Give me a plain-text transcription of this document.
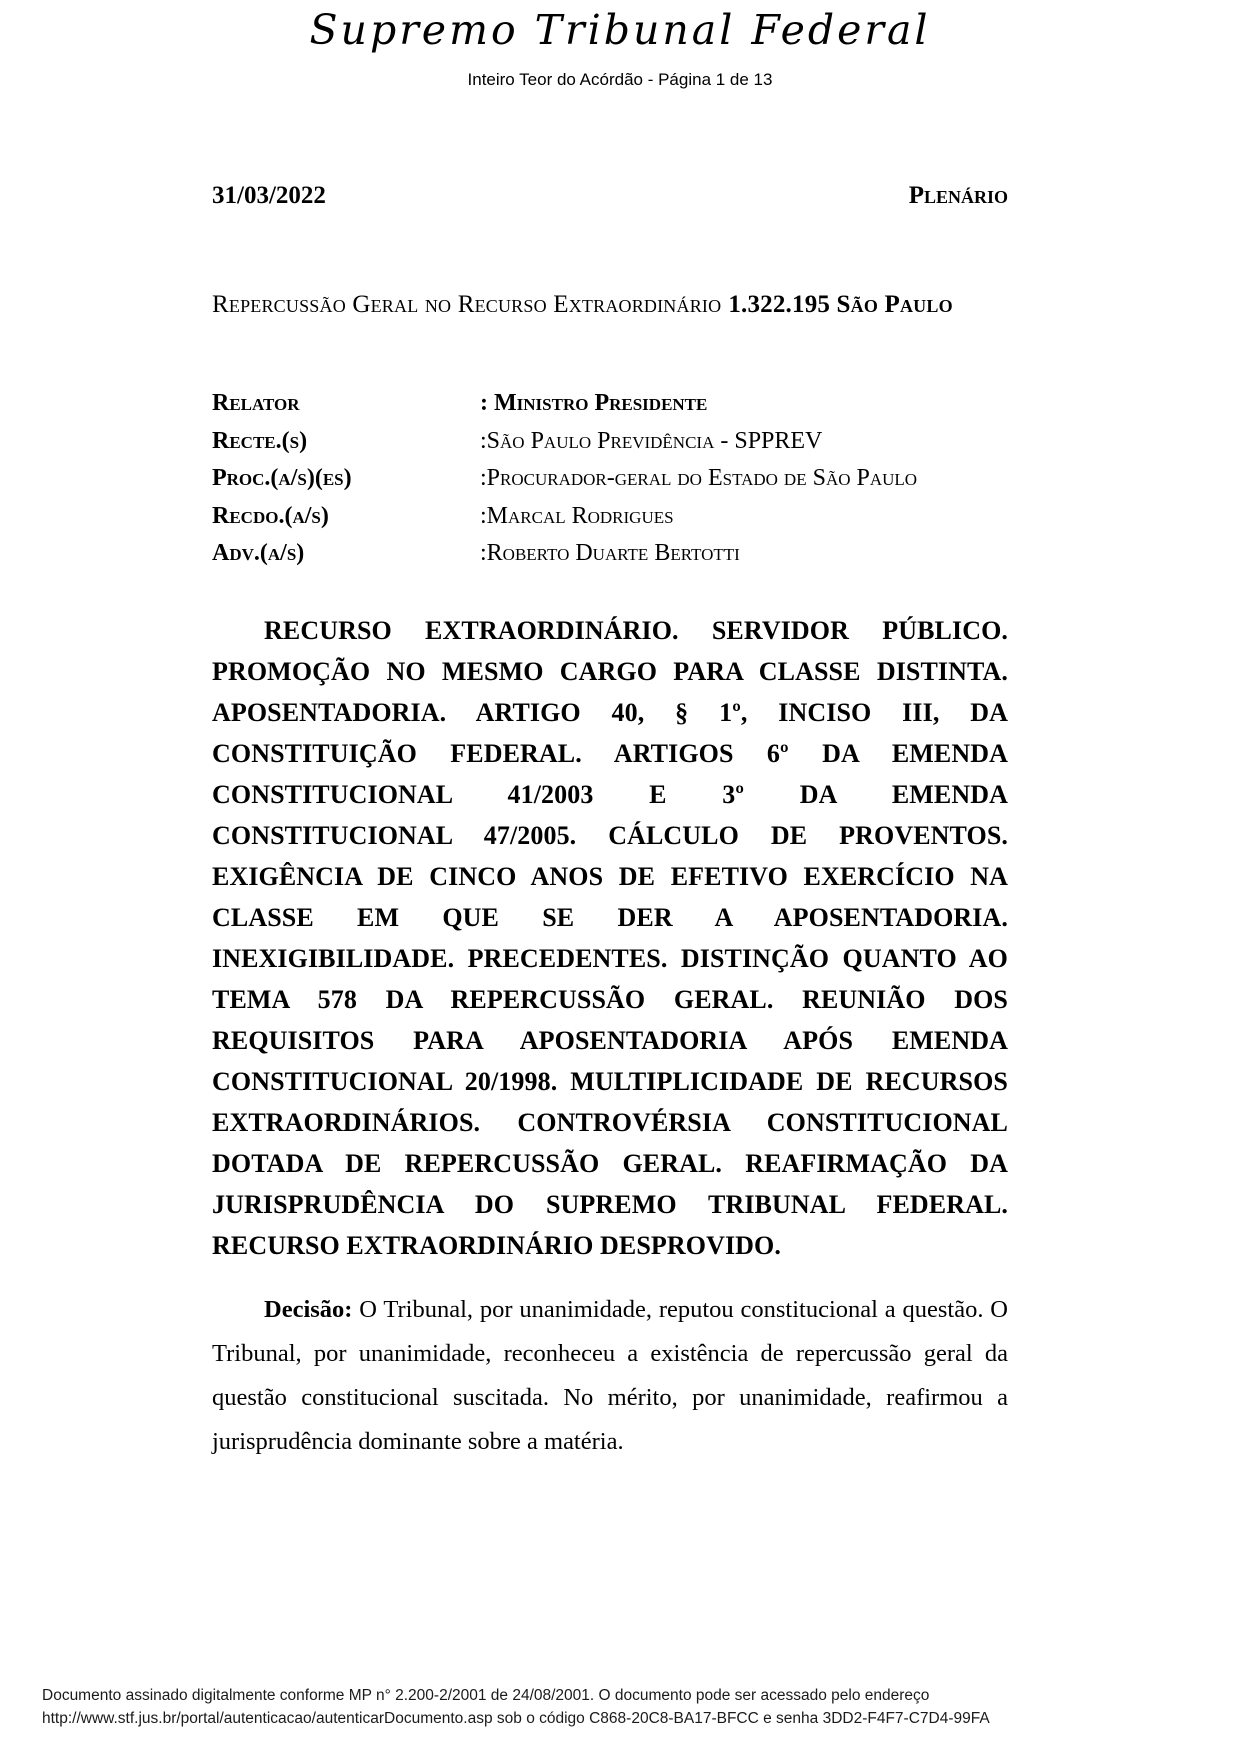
Supremo Tribunal Federal
Inteiro Teor do Acórdão - Página 1 de 13
31/03/2022	Plenário
Repercussão Geral no Recurso Extraordinário 1.322.195 São Paulo
Relator	: Ministro Presidente
Recte.(s)	:São Paulo Previdência - SPPREV
Proc.(a/s)(es)	:Procurador-geral do Estado de São Paulo
Recdo.(a/s)	:Marcal Rodrigues
Adv.(a/s)	:Roberto Duarte Bertotti

RECURSO EXTRAORDINÁRIO. SERVIDOR PÚBLICO. PROMOÇÃO NO MESMO CARGO PARA CLASSE DISTINTA. APOSENTADORIA. ARTIGO 40, § 1º, INCISO III, DA CONSTITUIÇÃO FEDERAL. ARTIGOS 6º DA EMENDA CONSTITUCIONAL 41/2003 E 3º DA EMENDA CONSTITUCIONAL 47/2005. CÁLCULO DE PROVENTOS. EXIGÊNCIA DE CINCO ANOS DE EFETIVO EXERCÍCIO NA CLASSE EM QUE SE DER A APOSENTADORIA. INEXIGIBILIDADE. PRECEDENTES. DISTINÇÃO QUANTO AO TEMA 578 DA REPERCUSSÃO GERAL. REUNIÃO DOS REQUISITOS PARA APOSENTADORIA APÓS EMENDA CONSTITUCIONAL 20/1998. MULTIPLICIDADE DE RECURSOS EXTRAORDINÁRIOS. CONTROVÉRSIA CONSTITUCIONAL DOTADA DE REPERCUSSÃO GERAL. REAFIRMAÇÃO DA JURISPRUDÊNCIA DO SUPREMO TRIBUNAL FEDERAL. RECURSO EXTRAORDINÁRIO DESPROVIDO.

Decisão: O Tribunal, por unanimidade, reputou constitucional a questão. O Tribunal, por unanimidade, reconheceu a existência de repercussão geral da questão constitucional suscitada. No mérito, por unanimidade, reafirmou a jurisprudência dominante sobre a matéria.

Documento assinado digitalmente conforme MP n° 2.200-2/2001 de 24/08/2001. O documento pode ser acessado pelo endereço
http://www.stf.jus.br/portal/autenticacao/autenticarDocumento.asp sob o código C868-20C8-BA17-BFCC e senha 3DD2-F4F7-C7D4-99FA
